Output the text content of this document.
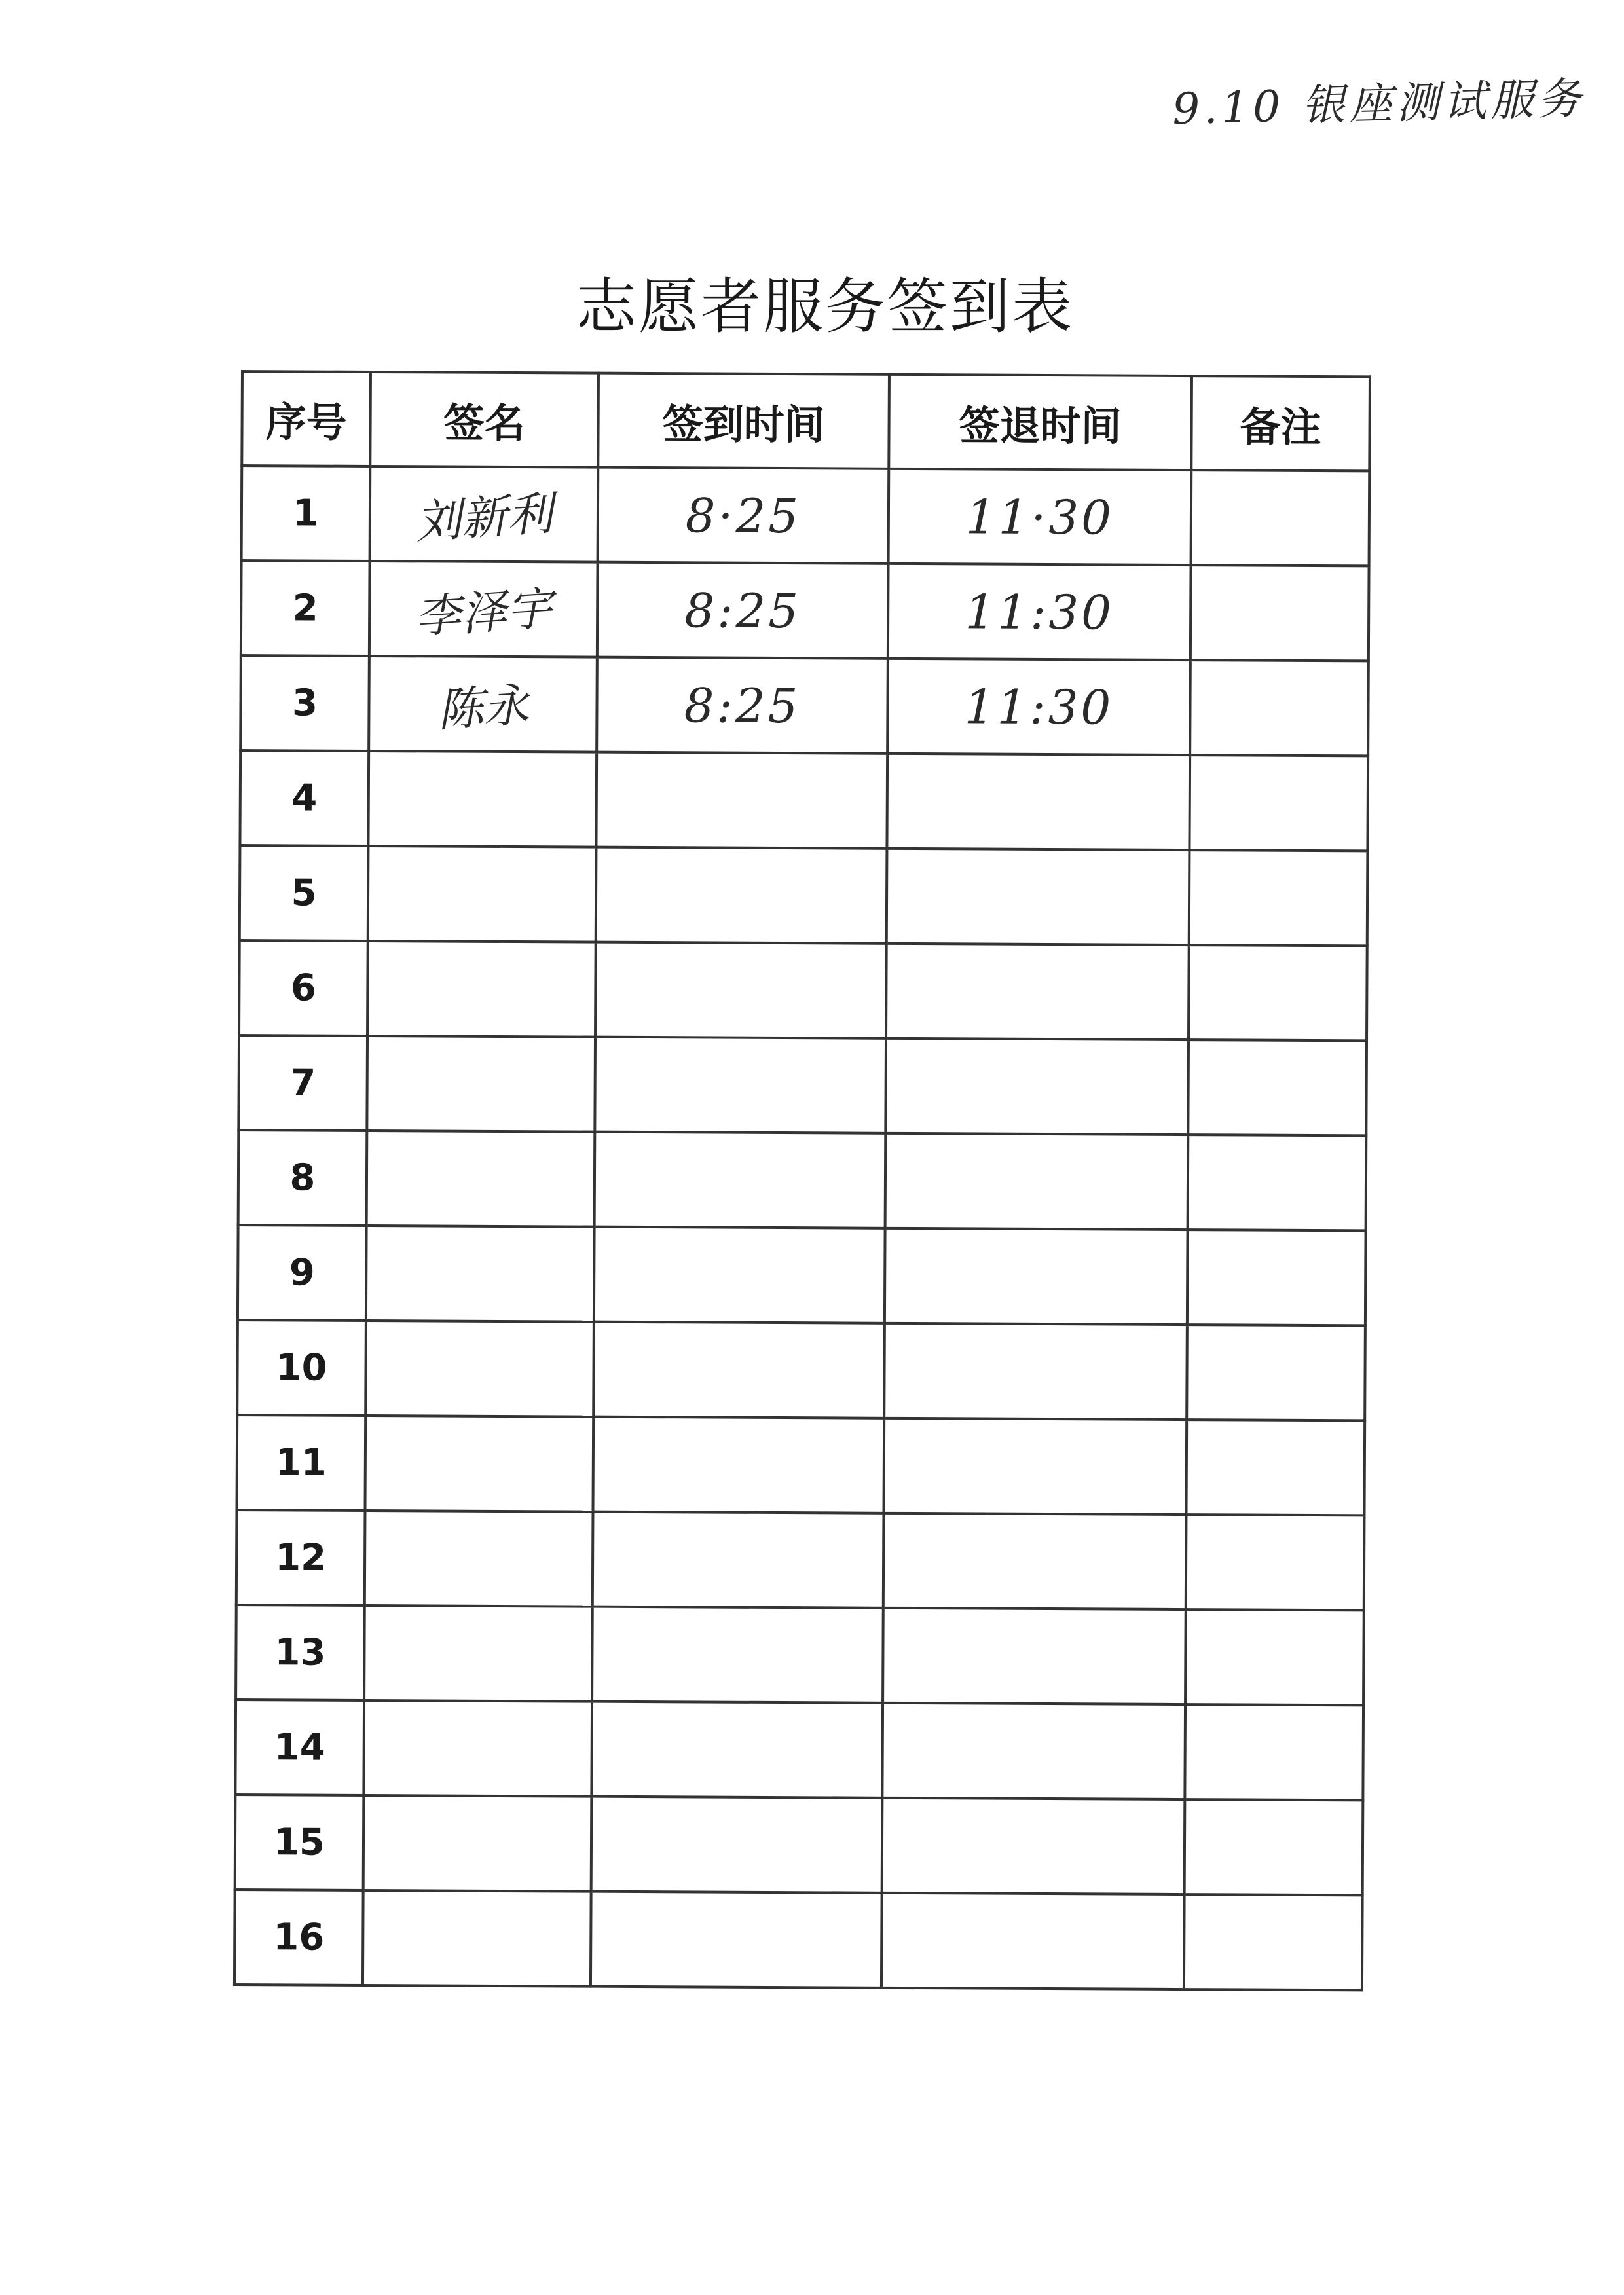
9.10 银座测试服务
志愿者服务签到表
序号	签名	签到时间	签退时间	备注
1	刘新利	8·25	11·30	
2	李泽宇	8:25	11:30	
3	陈永	8:25	11:30	
4				
5				
6				
7				
8				
9				
10				
11				
12				
13				
14				
15				
16				
